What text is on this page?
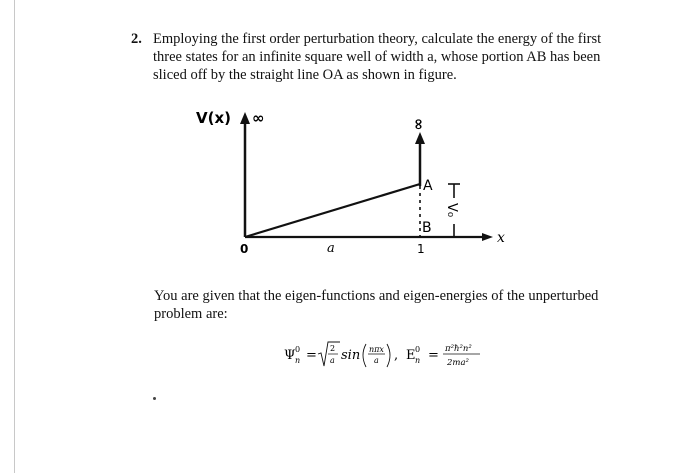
2. Employing the first order perturbation theory, calculate the energy of the first three states for an infinite square well of width a, whose portion AB has been sliced off by the straight line OA as shown in figure.
V(x) ∞	∞
A
B
V₀
x
0	a	1
You are given that the eigen-functions and eigen-energies of the unperturbed problem are:
Ψ 0
n = 2
a sin nπx
a , E 0
n = π²ħ²n²
2ma²
